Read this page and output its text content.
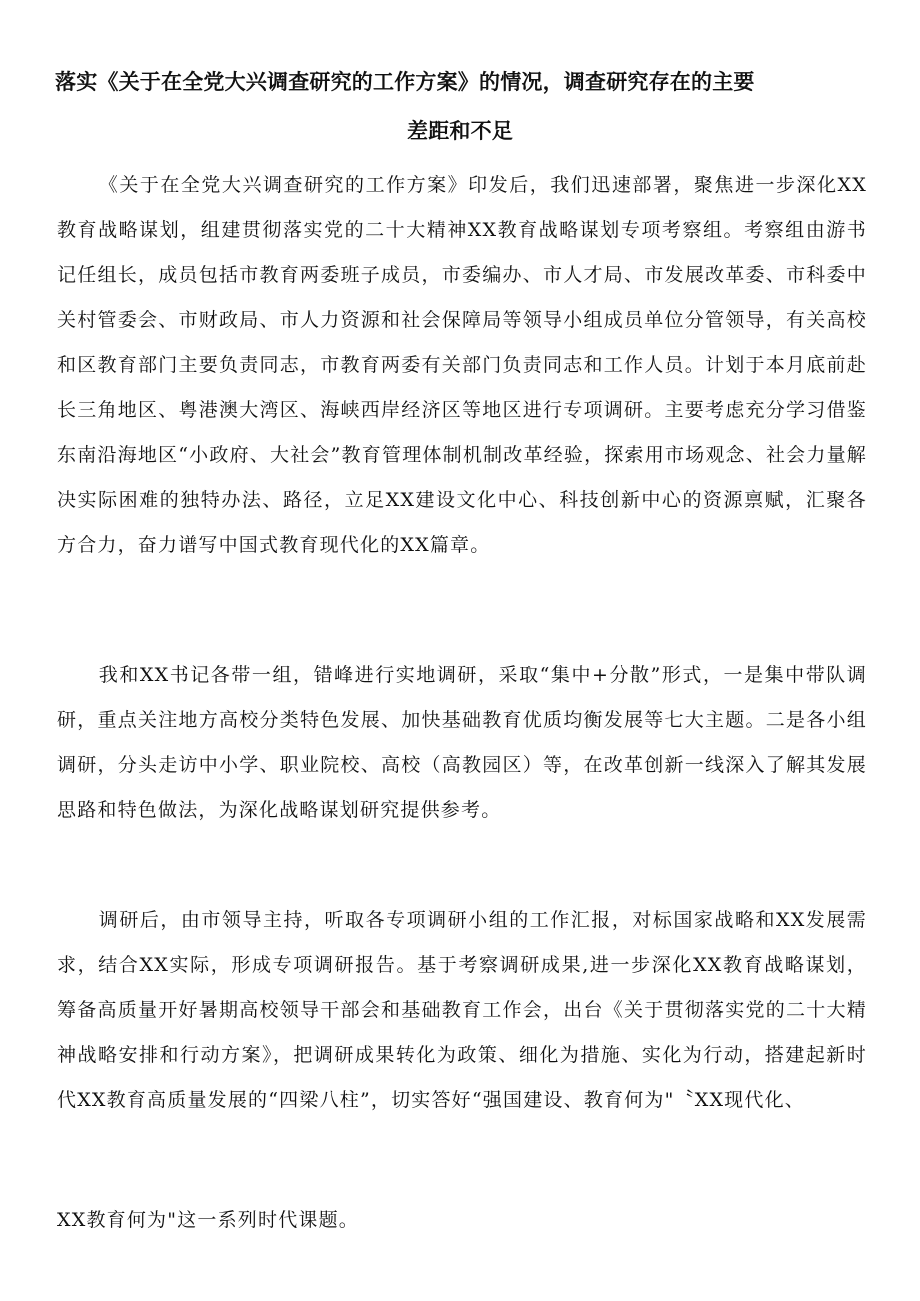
落实《关于在全党大兴调查研究的工作方案》的情况，调查研究存在的主要
差距和不足

《关于在全党大兴调查研究的工作方案》印发后，我们迅速部署，聚焦进一步深化XX教育战略谋划，组建贯彻落实党的二十大精神XX教育战略谋划专项考察组。考察组由游书记任组长，成员包括市教育两委班子成员，市委编办、市人才局、市发展改革委、市科委中关村管委会、市财政局、市人力资源和社会保障局等领导小组成员单位分管领导，有关高校和区教育部门主要负责同志，市教育两委有关部门负责同志和工作人员。计划于本月底前赴长三角地区、粤港澳大湾区、海峡西岸经济区等地区进行专项调研。主要考虑充分学习借鉴东南沿海地区“小政府、大社会”教育管理体制机制改革经验，探索用市场观念、社会力量解决实际困难的独特办法、路径，立足XX建设文化中心、科技创新中心的资源禀赋，汇聚各方合力，奋力谱写中国式教育现代化的XX篇章。

我和XX书记各带一组，错峰进行实地调研，采取“集中+分散”形式，一是集中带队调研，重点关注地方高校分类特色发展、加快基础教育优质均衡发展等七大主题。二是各小组调研，分头走访中小学、职业院校、高校（高教园区）等，在改革创新一线深入了解其发展思路和特色做法，为深化战略谋划研究提供参考。

调研后，由市领导主持，听取各专项调研小组的工作汇报，对标国家战略和XX发展需求，结合XX实际，形成专项调研报告。基于考察调研成果,进一步深化XX教育战略谋划，筹备高质量开好暑期高校领导干部会和基础教育工作会，出台《关于贯彻落实党的二十大精神战略安排和行动方案》，把调研成果转化为政策、细化为措施、实化为行动，搭建起新时代XX教育高质量发展的“四梁八柱”，切实答好“强国建设、教育何为"〝XX现代化、

XX教育何为"这一系列时代课题。
